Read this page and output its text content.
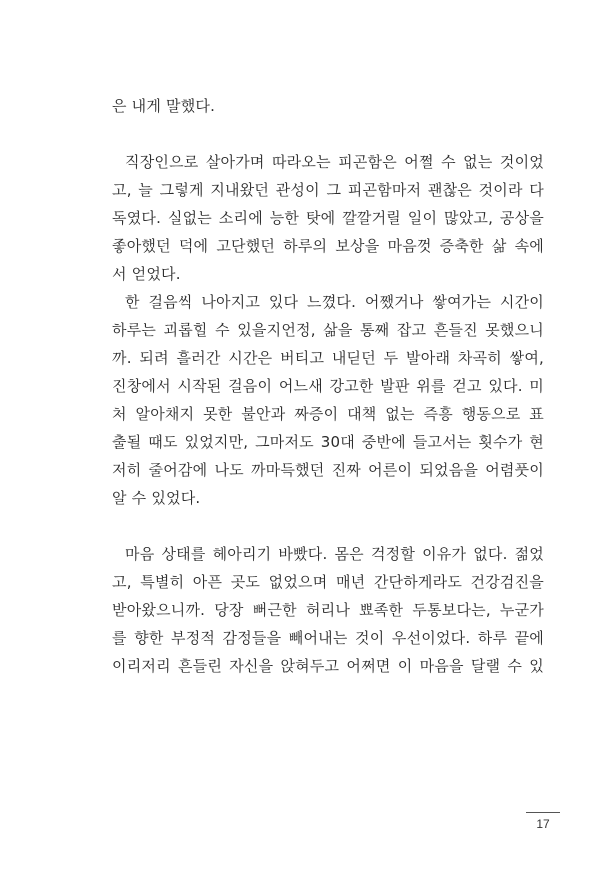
은 내게 말했다.
직장인으로 살아가며 따라오는 피곤함은 어쩔 수 없는 것이었
고, 늘 그렇게 지내왔던 관성이 그 피곤함마저 괜찮은 것이라 다
독였다. 실없는 소리에 능한 탓에 깔깔거릴 일이 많았고, 공상을
좋아했던 덕에 고단했던 하루의 보상을 마음껏 증축한 삶 속에
서 얻었다.
한 걸음씩 나아지고 있다 느꼈다. 어쨌거나 쌓여가는 시간이
하루는 괴롭힐 수 있을지언정, 삶을 통째 잡고 흔들진 못했으니
까. 되려 흘러간 시간은 버티고 내딛던 두 발아래 차곡히 쌓여,
진창에서 시작된 걸음이 어느새 강고한 발판 위를 걷고 있다. 미
처 알아채지 못한 불안과 짜증이 대책 없는 즉흥 행동으로 표
출될 때도 있었지만, 그마저도 30대 중반에 들고서는 횟수가 현
저히 줄어감에 나도 까마득했던 진짜 어른이 되었음을 어렴풋이
알 수 있었다.
마음 상태를 헤아리기 바빴다. 몸은 걱정할 이유가 없다. 젊었
고, 특별히 아픈 곳도 없었으며 매년 간단하게라도 건강검진을
받아왔으니까. 당장 뻐근한 허리나 뾰족한 두통보다는, 누군가
를 향한 부정적 감정들을 빼어내는 것이 우선이었다. 하루 끝에
이리저리 흔들린 자신을 앉혀두고 어쩌면 이 마음을 달랠 수 있
17
